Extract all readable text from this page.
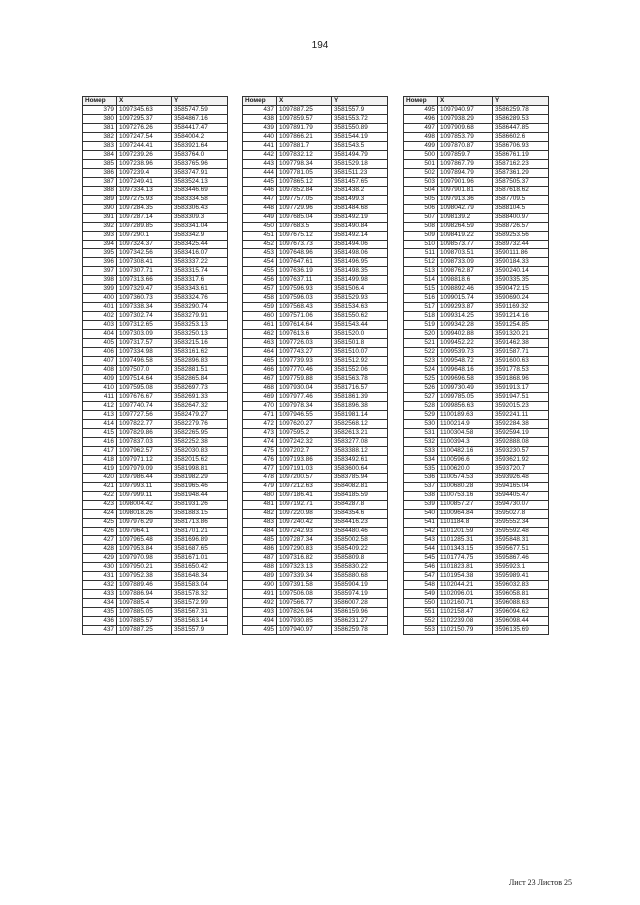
194
Номер	X	Y
379	1097345.63	3585747.59
380	1097295.37	3584867.16
381	1097276.26	3584417.47
382	1097247.54	3584004.2
383	1097244.41	3583921.64
384	1097239.26	3583764.0
385	1097238.96	3583765.96
386	1097239.4	3583747.91
387	1097249.41	3583524.13
388	1097334.13	3583446.69
389	1097275.93	3583334.58
390	1097284.35	3583306.43
391	1097287.14	3583309.3
392	1097289.85	3583341.04
393	1097290.1	3583342.9
394	1097324.37	3583425.44
395	1097342.56	3583416.07
396	1097308.41	3583337.22
397	1097307.71	3583315.74
398	1097313.66	3583317.6
399	1097329.47	3583343.61
400	1097360.73	3583324.76
401	1097338.34	3583290.74
402	1097302.74	3583279.91
403	1097312.65	3583253.13
404	1097303.09	3583250.13
405	1097317.57	3583215.16
406	1097334.98	3583161.62
407	1097496.58	3582896.83
408	1097507.0	3582881.51
409	1097514.64	3582865.84
410	1097595.08	3582697.73
411	1097676.67	3582691.33
412	1097740.74	3582647.32
413	1097727.56	3582479.27
414	1097822.77	3582279.76
415	1097829.86	3582265.95
416	1097837.03	3582252.38
417	1097962.57	3582030.83
418	1097971.12	3582015.62
419	1097979.09	3581998.81
420	1097986.44	3581982.29
421	1097993.11	3581965.46
422	1097999.11	3581948.44
423	1098004.42	3581931.26
424	1098018.26	3581883.15
425	1097976.29	3581713.86
426	1097964.1	3581701.21
427	1097965.48	3581696.89
428	1097953.84	3581687.65
429	1097970.98	3581671.01
430	1097950.21	3581650.42
431	1097952.38	3581648.34
432	1097889.46	3581583.04
433	1097886.94	3581578.32
434	1097885.4	3581572.99
435	1097885.05	3581567.31
436	1097885.57	3581563.14
437	1097887.25	3581557.9
Номер	X	Y
437	1097887.25	3581557.9
438	1097859.57	3581553.72
439	1097891.79	3581550.89
440	1097866.21	3581544.19
441	1097881.7	3581543.5
442	1097832.12	3581494.79
443	1097798.34	3581529.18
444	1097781.05	3581511.23
445	1097865.12	3581457.65
446	1097852.84	3581438.2
447	1097757.05	3581499.3
448	1097729.96	3581484.68
449	1097685.04	3581492.19
450	1097683.5	3581490.84
451	1097675.12	3581492.14
452	1097673.73	3581494.06
453	1097648.96	3581498.06
454	1097647.61	3581496.95
455	1097636.19	3581498.35
456	1097637.11	3581499.98
457	1097596.93	3581506.4
458	1097596.03	3581529.93
459	1097568.43	3581534.63
460	1097571.06	3581550.62
461	1097614.64	3581543.44
462	1097613.6	3581520.0
463	1097726.03	3581501.8
464	1097743.27	3581510.07
465	1097739.93	3581512.92
466	1097770.46	3581552.06
467	1097759.88	3581563.78
468	1097930.04	3581716.57
469	1097977.46	3581861.39
470	1097978.34	3581896.38
471	1097946.55	3581981.14
472	1097620.27	3582568.12
473	1097595.2	3582613.21
474	1097242.32	3583277.08
475	1097202.7	3583388.12
476	1097193.86	3583492.61
477	1097191.03	3583600.64
478	1097200.57	3583785.94
479	1097212.63	3584082.81
480	1097186.41	3584185.59
481	1097192.71	3584287.8
482	1097220.98	3584354.6
483	1097240.42	3584416.23
484	1097242.93	3584480.46
485	1097287.34	3585002.58
486	1097290.83	3585409.22
487	1097316.82	3585809.8
488	1097323.13	3585830.22
489	1097339.34	3585880.68
490	1097391.58	3585904.19
491	1097506.08	3585974.19
492	1097566.77	3586007.28
493	1097826.94	3586159.96
494	1097930.85	3586231.27
495	1097940.97	3586259.78
Номер	X	Y
495	1097940.97	3586259.78
496	1097938.29	3586289.53
497	1097909.68	3586447.85
498	1097853.79	3586602.6
499	1097870.87	3586706.93
500	1097859.7	3586761.19
501	1097867.79	3587162.23
502	1097894.79	3587361.29
503	1097901.96	3587505.37
504	1097901.81	3587618.62
505	1097913.36	3587709.5
506	1098042.79	3588104.5
507	1098139.2	3588400.97
508	1098264.59	3588726.57
509	1098419.22	3589253.56
510	1098573.77	3589732.44
511	1098703.51	3590111.86
512	1098733.09	3590184.33
513	1098762.87	3590240.14
514	1098818.6	3590335.35
515	1098892.46	3590472.15
516	1099015.74	3590690.24
517	1099293.87	3591169.32
518	1099314.25	3591214.16
519	1099342.28	3591254.85
520	1099402.88	3591320.21
521	1099452.22	3591462.38
522	1099539.73	3591587.71
523	1099548.72	3591600.63
524	1099648.16	3591778.53
525	1099696.58	3591868.96
526	1099730.49	3591913.17
527	1099785.05	3591947.51
528	1099856.63	3592015.23
529	1100189.63	3592241.11
530	1100214.9	3592284.38
531	1100304.58	3592594.19
532	1100394.3	3592888.08
533	1100482.16	3593230.57
534	1100596.6	3593621.92
535	1100620.0	3593720.7
536	1100574.53	3593926.48
537	1100680.28	3594165.04
538	1100753.16	3594405.47
539	1100857.27	3594730.07
540	1100964.84	3595027.8
541	1101184.8	3595552.34
542	1101201.59	3595592.48
543	1101285.31	3595848.31
544	1101343.15	3595677.51
545	1101774.75	3595867.46
546	1101823.81	3595923.1
547	1101954.38	3595989.41
548	1102044.21	3596032.83
549	1102096.01	3596058.81
550	1102160.71	3596088.63
551	1102158.47	3596094.62
552	1102239.08	3596098.44
553	1102150.79	3596135.69
Лист 23 Листов 25
